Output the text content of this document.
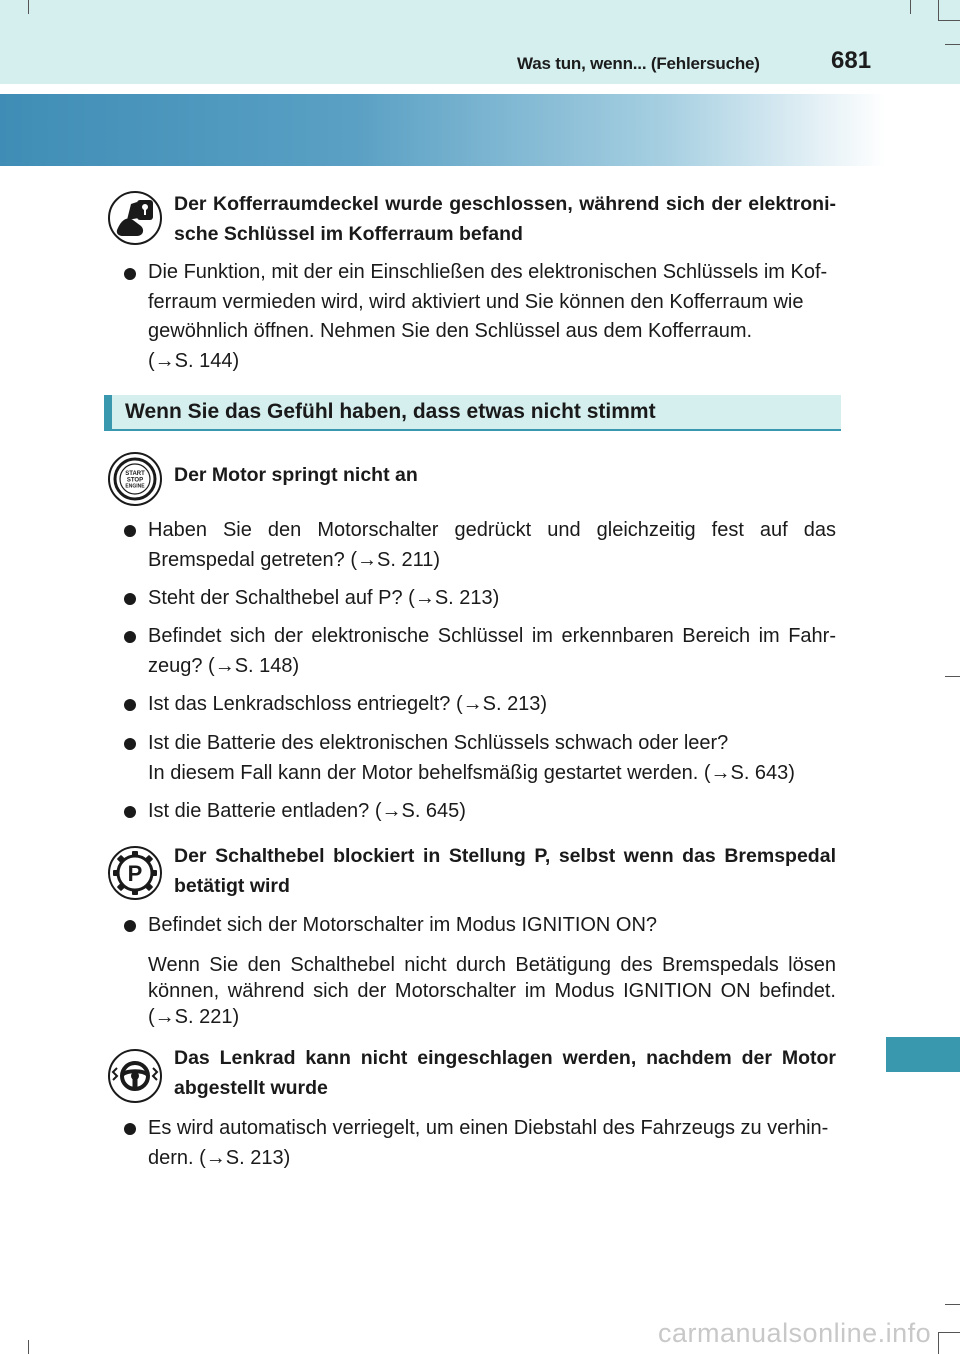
Was tun, wenn... (Fehlersuche)	681
Der Kofferraumdeckel wurde geschlossen, während sich der elektroni- sche Schlüssel im Kofferraum befand
Die Funktion, mit der ein Einschließen des elektronischen Schlüssels im Kof-
ferraum vermieden wird, wird aktiviert und Sie können den Kofferraum wie
gewöhnlich öffnen. Nehmen Sie den Schlüssel aus dem Kofferraum.
(→S. 144)
Wenn Sie das Gefühl haben, dass etwas nicht stimmt
START
STOP
ENGINE
Der Motor springt nicht an
Haben Sie den Motorschalter gedrückt und gleichzeitig fest auf das
Bremspedal getreten? (→S. 211)
Steht der Schalthebel auf P? (→S. 213)
Befindet sich der elektronische Schlüssel im erkennbaren Bereich im Fahr-
zeug? (→S. 148)
Ist das Lenkradschloss entriegelt? (→S. 213)
Ist die Batterie des elektronischen Schlüssels schwach oder leer?
In diesem Fall kann der Motor behelfsmäßig gestartet werden. (→S. 643)
Ist die Batterie entladen? (→S. 645)
P
Der Schalthebel blockiert in Stellung P, selbst wenn das Bremspedal betätigt wird
Befindet sich der Motorschalter im Modus IGNITION ON?
Wenn Sie den Schalthebel nicht durch Betätigung des Bremspedals lösen können, während sich der Motorschalter im Modus IGNITION ON befindet. (→S. 221)
Das Lenkrad kann nicht eingeschlagen werden, nachdem der Motor abgestellt wurde
Es wird automatisch verriegelt, um einen Diebstahl des Fahrzeugs zu verhin-
dern. (→S. 213)
carmanualsonline.info
